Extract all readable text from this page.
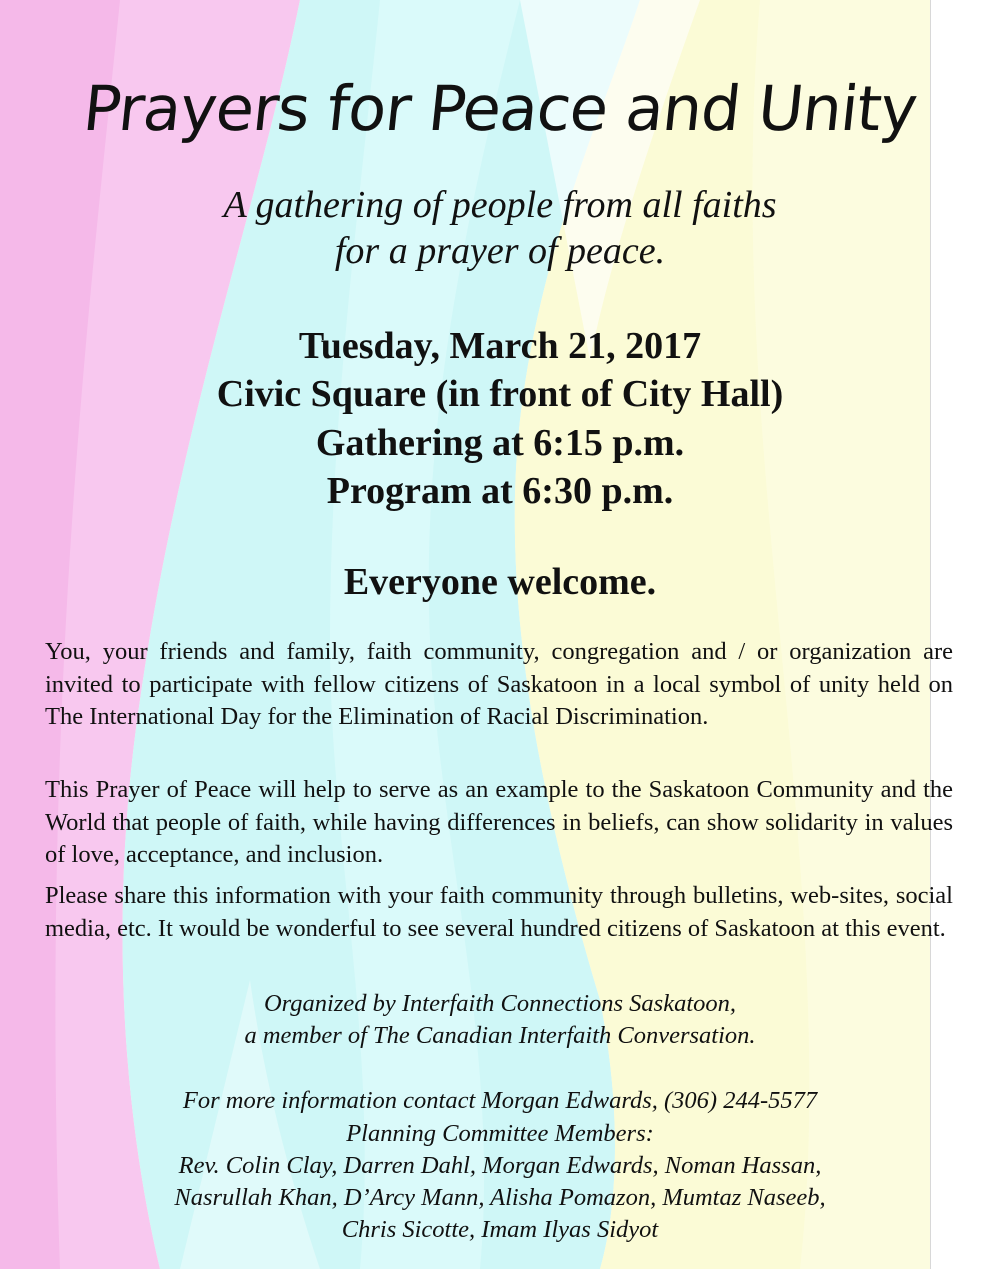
Prayers for Peace and Unity
A gathering of people from all faiths
for a prayer of peace.
Tuesday, March 21, 2017
Civic Square (in front of City Hall)
Gathering at 6:15 p.m.
Program at 6:30 p.m.
Everyone welcome.

You, your friends and family, faith community, congregation and / or organization are invited to participate with fellow citizens of Saskatoon in a local symbol of unity held on The International Day for the Elimination of Racial Discrimination.

This Prayer of Peace will help to serve as an example to the Saskatoon Community and the World that people of faith, while having differences in beliefs, can show solidarity in values of love, acceptance, and inclusion.

Please share this information with your faith community through bulletins, web-sites, social media, etc. It would be wonderful to see several hundred citizens of Saskatoon at this event.

Organized by Interfaith Connections Saskatoon,
a member of The Canadian Interfaith Conversation.
For more information contact Morgan Edwards, (306) 244-5577
Planning Committee Members:
Rev. Colin Clay, Darren Dahl, Morgan Edwards, Noman Hassan,
Nasrullah Khan, D’Arcy Mann, Alisha Pomazon, Mumtaz Naseeb,
Chris Sicotte, Imam Ilyas Sidyot
